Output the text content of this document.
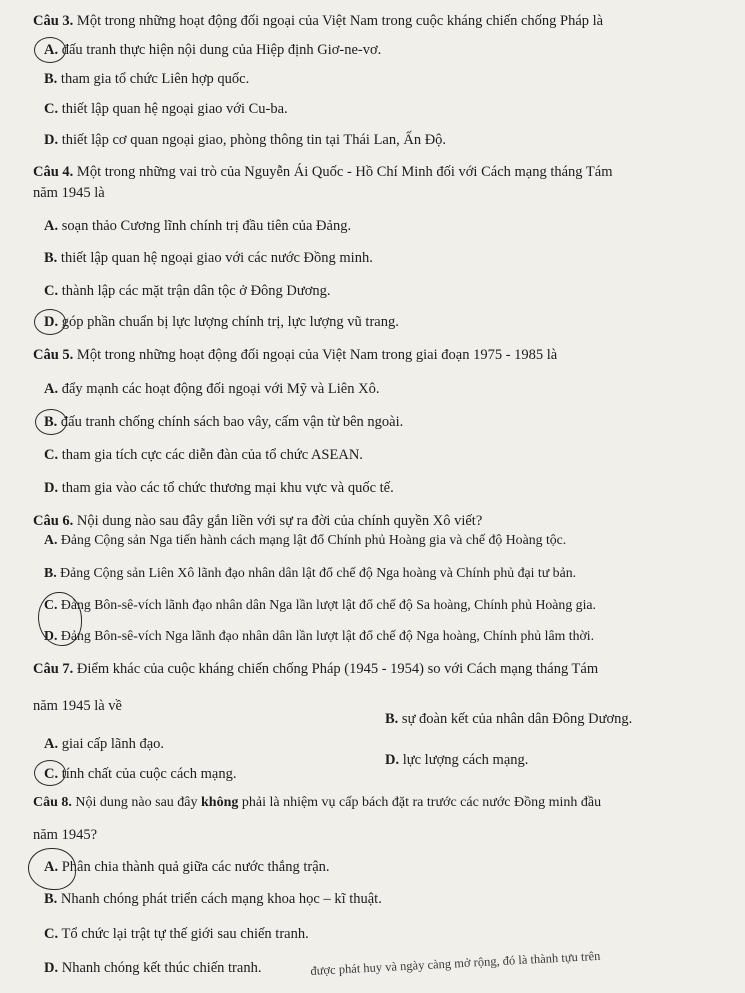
Câu 3. Một trong những hoạt động đối ngoại của Việt Nam trong cuộc kháng chiến chống Pháp là
A. đấu tranh thực hiện nội dung của Hiệp định Giơ-ne-vơ.
B. tham gia tổ chức Liên hợp quốc.
C. thiết lập quan hệ ngoại giao với Cu-ba.
D. thiết lập cơ quan ngoại giao, phòng thông tin tại Thái Lan, Ấn Độ.
Câu 4. Một trong những vai trò của Nguyễn Ái Quốc - Hồ Chí Minh đối với Cách mạng tháng Tám
năm 1945 là
A. soạn thảo Cương lĩnh chính trị đầu tiên của Đảng.
B. thiết lập quan hệ ngoại giao với các nước Đồng minh.
C. thành lập các mặt trận dân tộc ở Đông Dương.
D. góp phần chuẩn bị lực lượng chính trị, lực lượng vũ trang.
Câu 5. Một trong những hoạt động đối ngoại của Việt Nam trong giai đoạn 1975 - 1985 là
A. đẩy mạnh các hoạt động đối ngoại với Mỹ và Liên Xô.
B. đấu tranh chống chính sách bao vây, cấm vận từ bên ngoài.
C. tham gia tích cực các diễn đàn của tổ chức ASEAN.
D. tham gia vào các tổ chức thương mại khu vực và quốc tế.
Câu 6. Nội dung nào sau đây gắn liền với sự ra đời của chính quyền Xô viết?
A. Đảng Cộng sản Nga tiến hành cách mạng lật đổ Chính phủ Hoàng gia và chế độ Hoàng tộc.
B. Đảng Cộng sản Liên Xô lãnh đạo nhân dân lật đổ chế độ Nga hoàng và Chính phủ đại tư bản.
C. Đảng Bôn-sê-vích lãnh đạo nhân dân Nga lần lượt lật đổ chế độ Sa hoàng, Chính phủ Hoàng gia.
D. Đảng Bôn-sê-vích Nga lãnh đạo nhân dân lần lượt lật đổ chế độ Nga hoàng, Chính phủ lâm thời.
Câu 7. Điểm khác của cuộc kháng chiến chống Pháp (1945 - 1954) so với Cách mạng tháng Tám
năm 1945 là về
A. giai cấp lãnh đạo.
B. sự đoàn kết của nhân dân Đông Dương.
C. tính chất của cuộc cách mạng.
D. lực lượng cách mạng.
Câu 8. Nội dung nào sau đây không phải là nhiệm vụ cấp bách đặt ra trước các nước Đồng minh đầu
năm 1945?
A. Phân chia thành quả giữa các nước thắng trận.
B. Nhanh chóng phát triển cách mạng khoa học – kĩ thuật.
C. Tổ chức lại trật tự thế giới sau chiến tranh.
D. Nhanh chóng kết thúc chiến tranh.	được phát huy và ngày càng mở rộng, đó là thành tựu trên
